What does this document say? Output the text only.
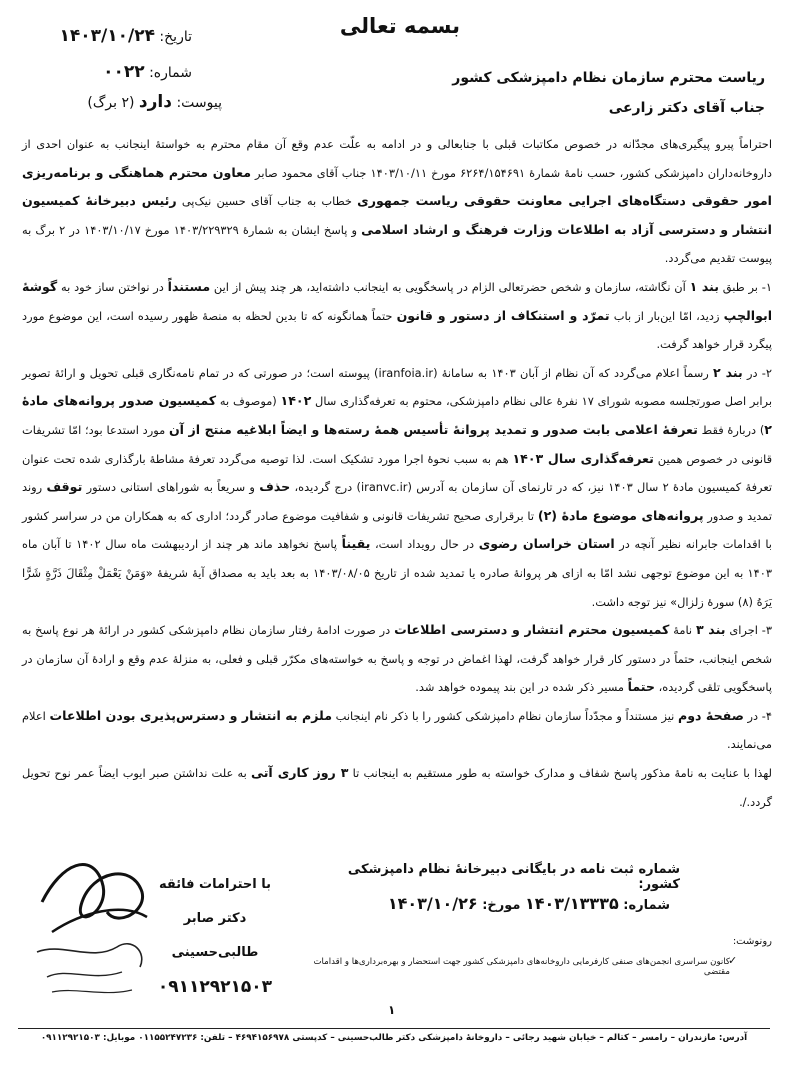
بسمه تعالی
تاریخ: ۱۴۰۳/۱۰/۲۴
شماره: ۰۰۲۲
پیوست: دارد (۲ برگ)
ریاست محترم سازمان نظام دامپزشکی کشور
جناب آقای دکتر زارعی

احتراماً پیرو پیگیری‌های مجدّانه در خصوص مکاتبات قبلی با جنابعالی و در ادامه به علّت عدم وقع آن مقام محترم به خواستهٔ اینجانب به عنوان احدی از داروخانه‌داران دامپزشکی کشور، حسب نامهٔ شمارهٔ ۶۲۶۴/۱۵۴۶۹۱ مورخ ۱۴۰۳/۱۰/۱۱ جناب آقای محمود صابر معاون محترم هماهنگی و برنامه‌ریزی امور حقوقی دستگاه‌های اجرایی معاونت حقوقی ریاست جمهوری خطاب به جناب آقای حسین نیک‌پی رئیس دبیرخانهٔ کمیسیون انتشار و دسترسی آزاد به اطلاعات وزارت فرهنگ و ارشاد اسلامی و پاسخ ایشان به شمارهٔ ۱۴۰۳/۲۲۹۳۲۹ مورخ ۱۴۰۳/۱۰/۱۷ در ۲ برگ به پیوست تقدیم می‌گردد.

۱- بر طبق بند ۱ آن نگاشته، سازمان و شخص حضرتعالی الزام در پاسخگویی به اینجانب داشته‌اید، هر چند پیش از این مستنداً در نواختن ساز خود به گوشهٔ ابوالچپ زدید، امّا این‌بار از باب تمرّد و استنکاف از دستور و قانون حتماً همانگونه که تا بدین لحظه به منصهٔ ظهور رسیده است، این موضوع مورد پیگرد قرار خواهد گرفت.

۲- در بند ۲ رسماً اعلام می‌گردد که آن نظام از آبان ۱۴۰۳ به سامانهٔ (iranfoia.ir) پیوسته است؛ در صورتی که در تمام نامه‌نگاری قبلی تحویل و ارائهٔ تصویر برابر اصل صورتجلسه مصوبه شورای ۱۷ نفرهٔ عالی نظام دامپزشکی، محتوم به تعرفه‌گذاری سال ۱۴۰۲ (موصوف به کمیسیون صدور پروانه‌های مادهٔ ۲) دربارهٔ فقط تعرفهٔ اعلامی بابت صدور و تمدید پروانهٔ تأسیس همهٔ رسته‌ها و ایضاً ابلاغیه منتج از آن مورد استدعا بود؛ امّا تشریفات قانونی در خصوص همین تعرفه‌گذاری سال ۱۴۰۳ هم به سبب نحوهٔ اجرا مورد تشکیک است. لذا توصیه می‌گردد تعرفهٔ مشاطهٔ بارگذاری شده تحت عنوان تعرفهٔ کمیسیون مادهٔ ۲ سال ۱۴۰۳ نیز، که در تارنمای آن سازمان به آدرس (iranvc.ir) درج گردیده، حذف و سریعاً به شوراهای استانی دستور توقف روند تمدید و صدور پروانه‌های موضوع مادهٔ (۲) تا برقراری صحیح تشریفات قانونی و شفافیت موضوع صادر گردد؛ اداری که به همکاران من در سراسر کشور با اقدامات جابرانه نظیر آنچه در استان خراسان رضوی در حال رو‌یداد است، یقیناً پاسخ نخواهد ماند هر چند از اردیبهشت ماه سال ۱۴۰۲ تا آبان ماه ۱۴۰۳ به این موضوع توجهی نشد امّا به ازای هر پروانهٔ صادره یا تمدید شده از تاریخ ۱۴۰۳/۰۸/۰۵ به بعد باید به مصداق آیهٔ شریفهٔ «وَمَنْ يَعْمَلْ مِثْقَالَ ذَرَّةٍ شَرًّا يَرَهُ (۸) سورهٔ زلزال» نیز توجه داشت.

۳- اجرای بند ۳ نامهٔ کمیسیون محترم انتشار و دسترسی اطلاعات در صورت ادامهٔ رفتار سازمان نظام دامپزشکی کشور در ارائهٔ هر نوع پاسخ به شخص اینجانب، حتماً در دستور کار قرار خواهد گرفت، لهذا اغماض در توجه و پاسخ به خواسته‌های مکرّر قبلی و فعلی، به منزلهٔ عدم وقع و ارادهٔ آن سازمان در پاسخگویی تلقی گردیده، حتماً مسیر ذکر شده در این بند پیموده خواهد شد.

۴- در صفحهٔ دوم نیز مستنداً و مجدّداً سازمان نظام دامپزشکی کشور را با ذکر نام اینجانب ملزم به انتشار و دسترس‌پذیری بودن اطلاعات اعلام می‌نمایند.

لهذا با عنایت به نامهٔ مذکور پاسخ شفاف و مدارک خواسته به طور مستقیم به اینجانب تا ۳ روز کاری آتی به علت نداشتن صبر ایوب ایضاً عمر نوح تحویل گردد./.

شماره ثبت نامه در بایگانی دبیرخانهٔ نظام دامپزشکی کشور:
شماره: ۱۴۰۳/۱۳۳۳۵ مورخ: ۱۴۰۳/۱۰/۲۶
با احترامات فائقه
دکتر صابر طالبی‌حسینی
۰۹۱۱۲۹۲۱۵۰۳
رونوشت:
✓
کانون سراسری انجمن‌های صنفی کارفرمایی داروخانه‌های دامپزشکی کشور جهت استحضار و بهره‌برداری‌ها و اقدامات مقتضی
۱
آدرس: مازندران – رامسر – کتالم – خیابان شهید رجائی – داروخانهٔ دامپزشکی دکتر طالب‌حسینی – کدپستی ۴۶۹۴۱۵۶۹۷۸ – تلفن: ۰۱۱۵۵۲۴۷۲۳۶ موبایل: ۰۹۱۱۲۹۲۱۵۰۳
